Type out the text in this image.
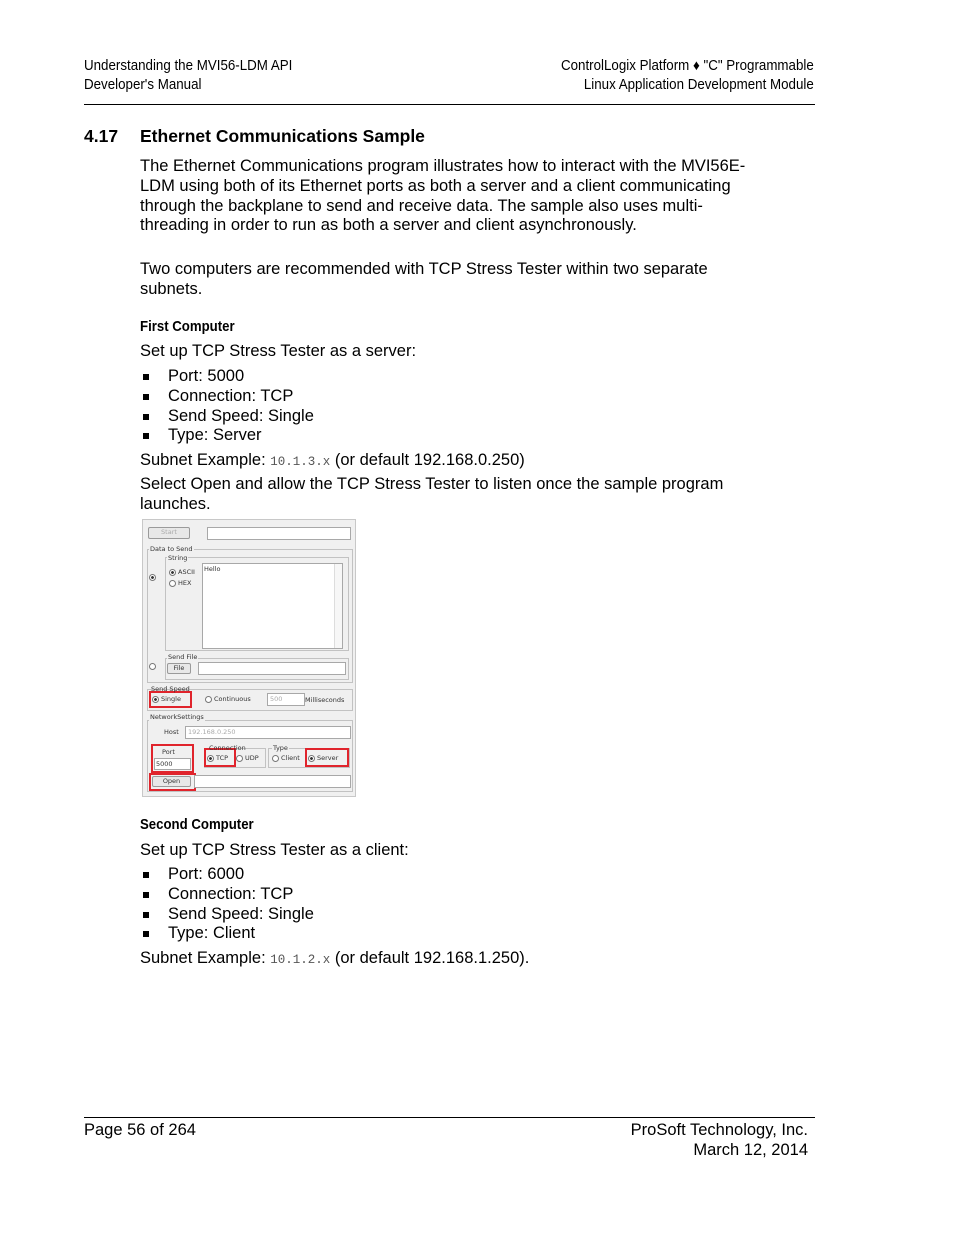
Understanding the MVI56-LDM API
Developer's Manual
ControlLogix Platform ♦ "C" Programmable
Linux Application Development Module
4.17 Ethernet Communications Sample
The Ethernet Communications program illustrates how to interact with the MVI56E-LDM using both of its Ethernet ports as both a server and a client communicating through the backplane to send and receive data. The sample also uses multi-threading in order to run as both a server and client asynchronously.
Two computers are recommended with TCP Stress Tester within two separate subnets.
First Computer
Set up TCP Stress Tester as a server:
Port: 5000
Connection: TCP
Send Speed: Single
Type: Server
Subnet Example: 10.1.3.x (or default 192.168.0.250)
Select Open and allow the TCP Stress Tester to listen once the sample program launches.
Start
Data to Send
String
ASCII
HEX
Hello
Send File
File
Send Speed
Single	Continuous	500	Milliseconds
NetworkSettings
Host	192.168.0.250
Port
5000
Connection
TCP	UDP
Type
Client	Server
Open
Second Computer
Set up TCP Stress Tester as a client:
Port: 6000
Connection: TCP
Send Speed: Single
Type: Client
Subnet Example: 10.1.2.x (or default 192.168.1.250).
Page 56 of 264	ProSoft Technology, Inc.
March 12, 2014
